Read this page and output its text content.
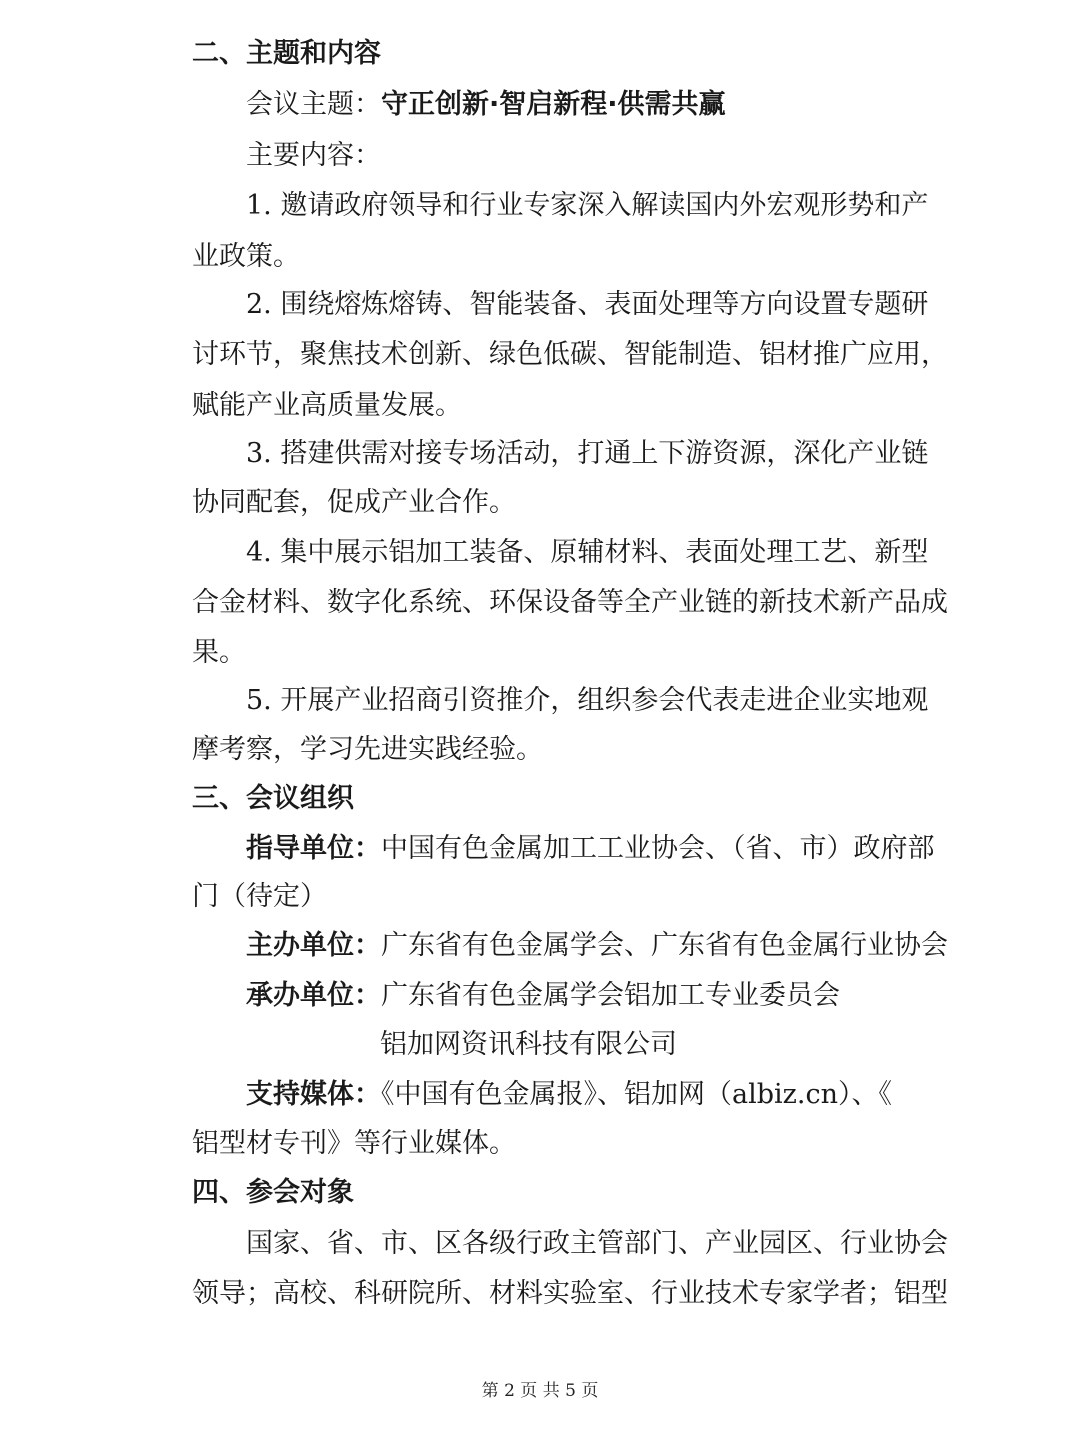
二、主题和内容
会议主题：守正创新·智启新程·供需共赢
主要内容：
1. 邀请政府领导和行业专家深入解读国内外宏观形势和产
业政策。
2. 围绕熔炼熔铸、智能装备、表面处理等方向设置专题研
讨环节，聚焦技术创新、绿色低碳、智能制造、铝材推广应用，
赋能产业高质量发展。
3. 搭建供需对接专场活动，打通上下游资源，深化产业链
协同配套，促成产业合作。
4. 集中展示铝加工装备、原辅材料、表面处理工艺、新型
合金材料、数字化系统、环保设备等全产业链的新技术新产品成
果。
5. 开展产业招商引资推介，组织参会代表走进企业实地观
摩考察，学习先进实践经验。
三、会议组织
指导单位：中国有色金属加工工业协会、（省、市）政府部
门（待定）
主办单位：广东省有色金属学会、广东省有色金属行业协会
承办单位：广东省有色金属学会铝加工专业委员会
铝加网资讯科技有限公司
支持媒体：《中国有色金属报》、铝加网（albiz.cn）、《
铝型材专刊》等行业媒体。
四、参会对象
国家、省、市、区各级行政主管部门、产业园区、行业协会
领导；高校、科研院所、材料实验室、行业技术专家学者；铝型
第 2 页 共 5 页
